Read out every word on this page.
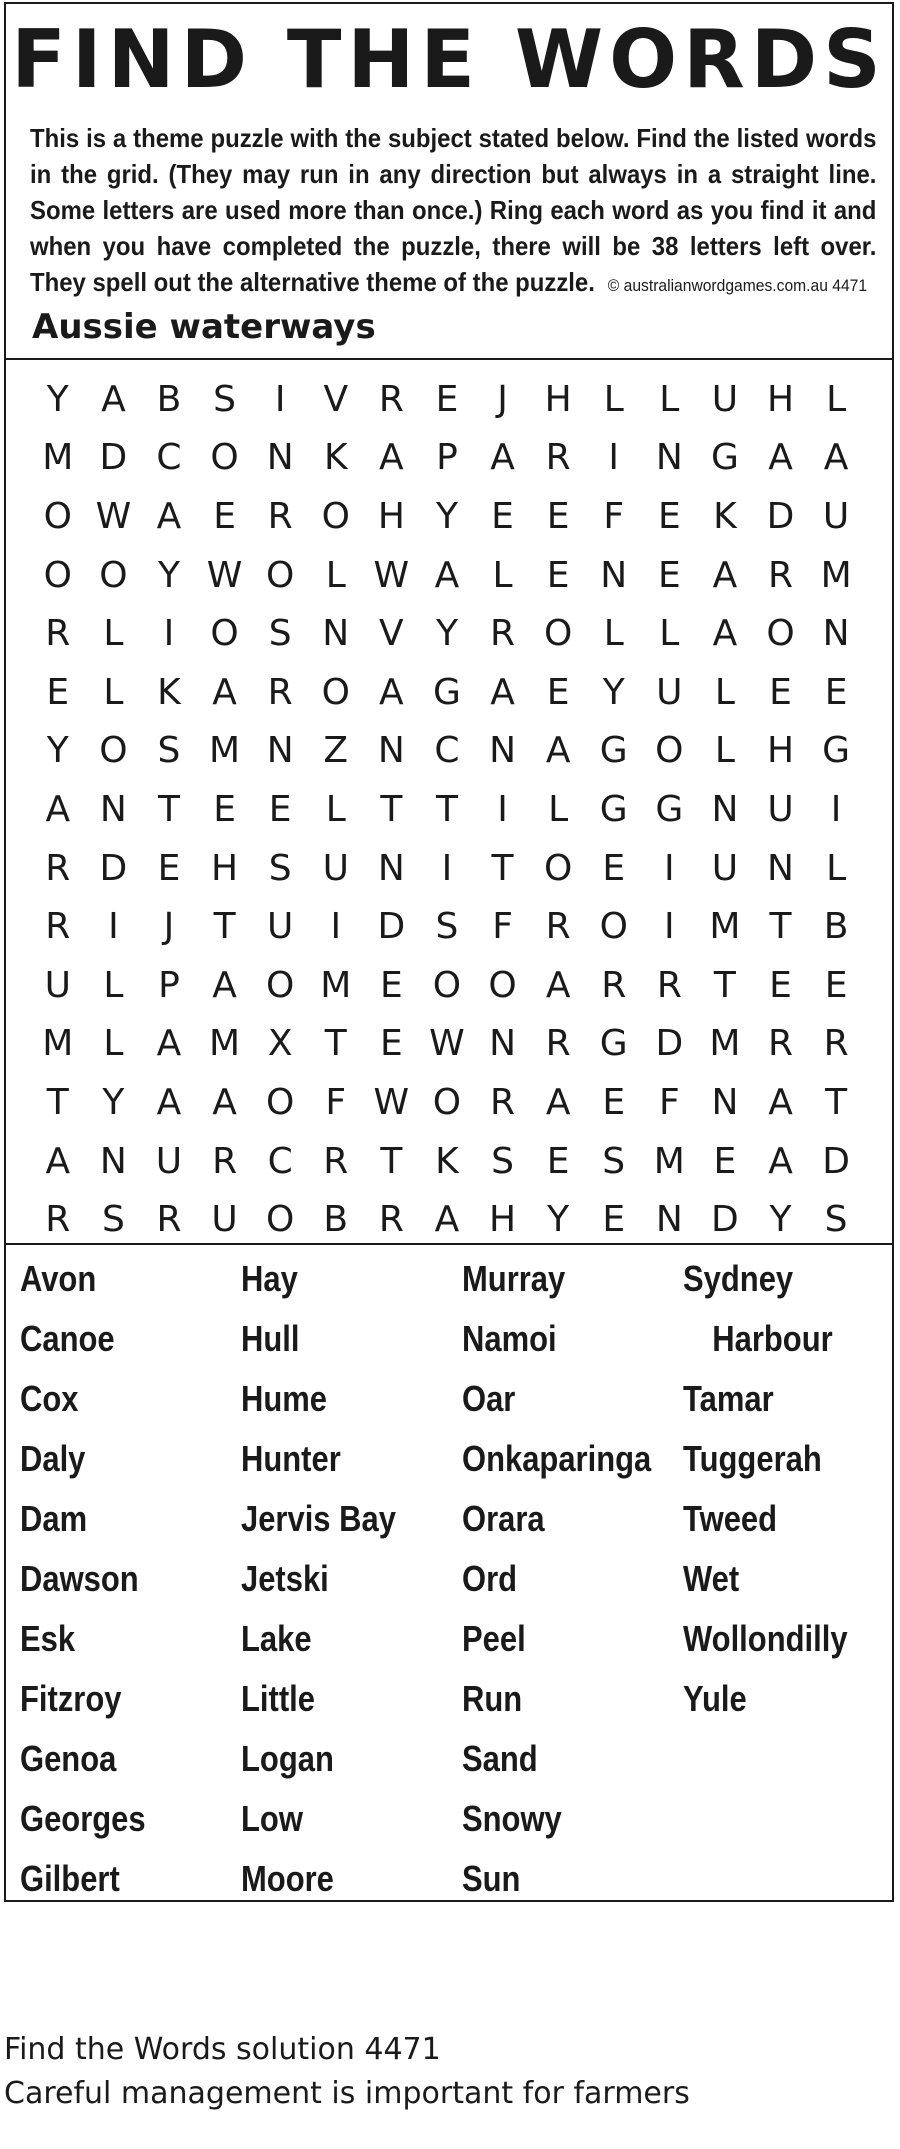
FIND THE WORDS
This is a theme puzzle with the subject stated below. Find the listed words in the grid. (They may run in any direction but always in a straight line. Some letters are used more than once.) Ring each word as you find it and when you have completed the puzzle, there will be 38 letters left over. They spell out the alternative theme of the puzzle. © australianwordgames.com.au 4471
Aussie waterways
Y A B S	I	V R E	J	H L L U H L
M D C O N K A P A R	I	N G A A
O W A E R O H Y E E F E K D U
O O Y W O L W A L E N E A R M
R L	I	O S N V Y R O L L A O N
E L K A R O A G A E Y U L E E
Y O S M N Z N C N A G O L H G
A N T E E L T T	I	L G G N U	I
R D E H S U N	I	T O E	I	U N L
R	I	J	T U	I	D S F R O	I M T B
U L P A O M E O O A R R T E E
M L A M X T E W N R G D M R R
T Y A A O F W O R A E F N A T
A N U R C R T K S E S M E A D
R S R U O B R A H Y E N D Y S
Avon
Canoe
Cox
Daly
Dam
Dawson
Esk
Fitzroy
Genoa
Georges
Gilbert
Hay
Hull
Hume
Hunter
Jervis Bay
Jetski
Lake
Little
Logan
Low
Moore
Murray
Namoi
Oar
Onkaparinga
Orara
Ord
Peel
Run
Sand
Snowy
Sun
Sydney
Harbour
Tamar
Tuggerah
Tweed
Wet
Wollondilly
Yule
Find the Words solution 4471
Careful management is important for farmers
